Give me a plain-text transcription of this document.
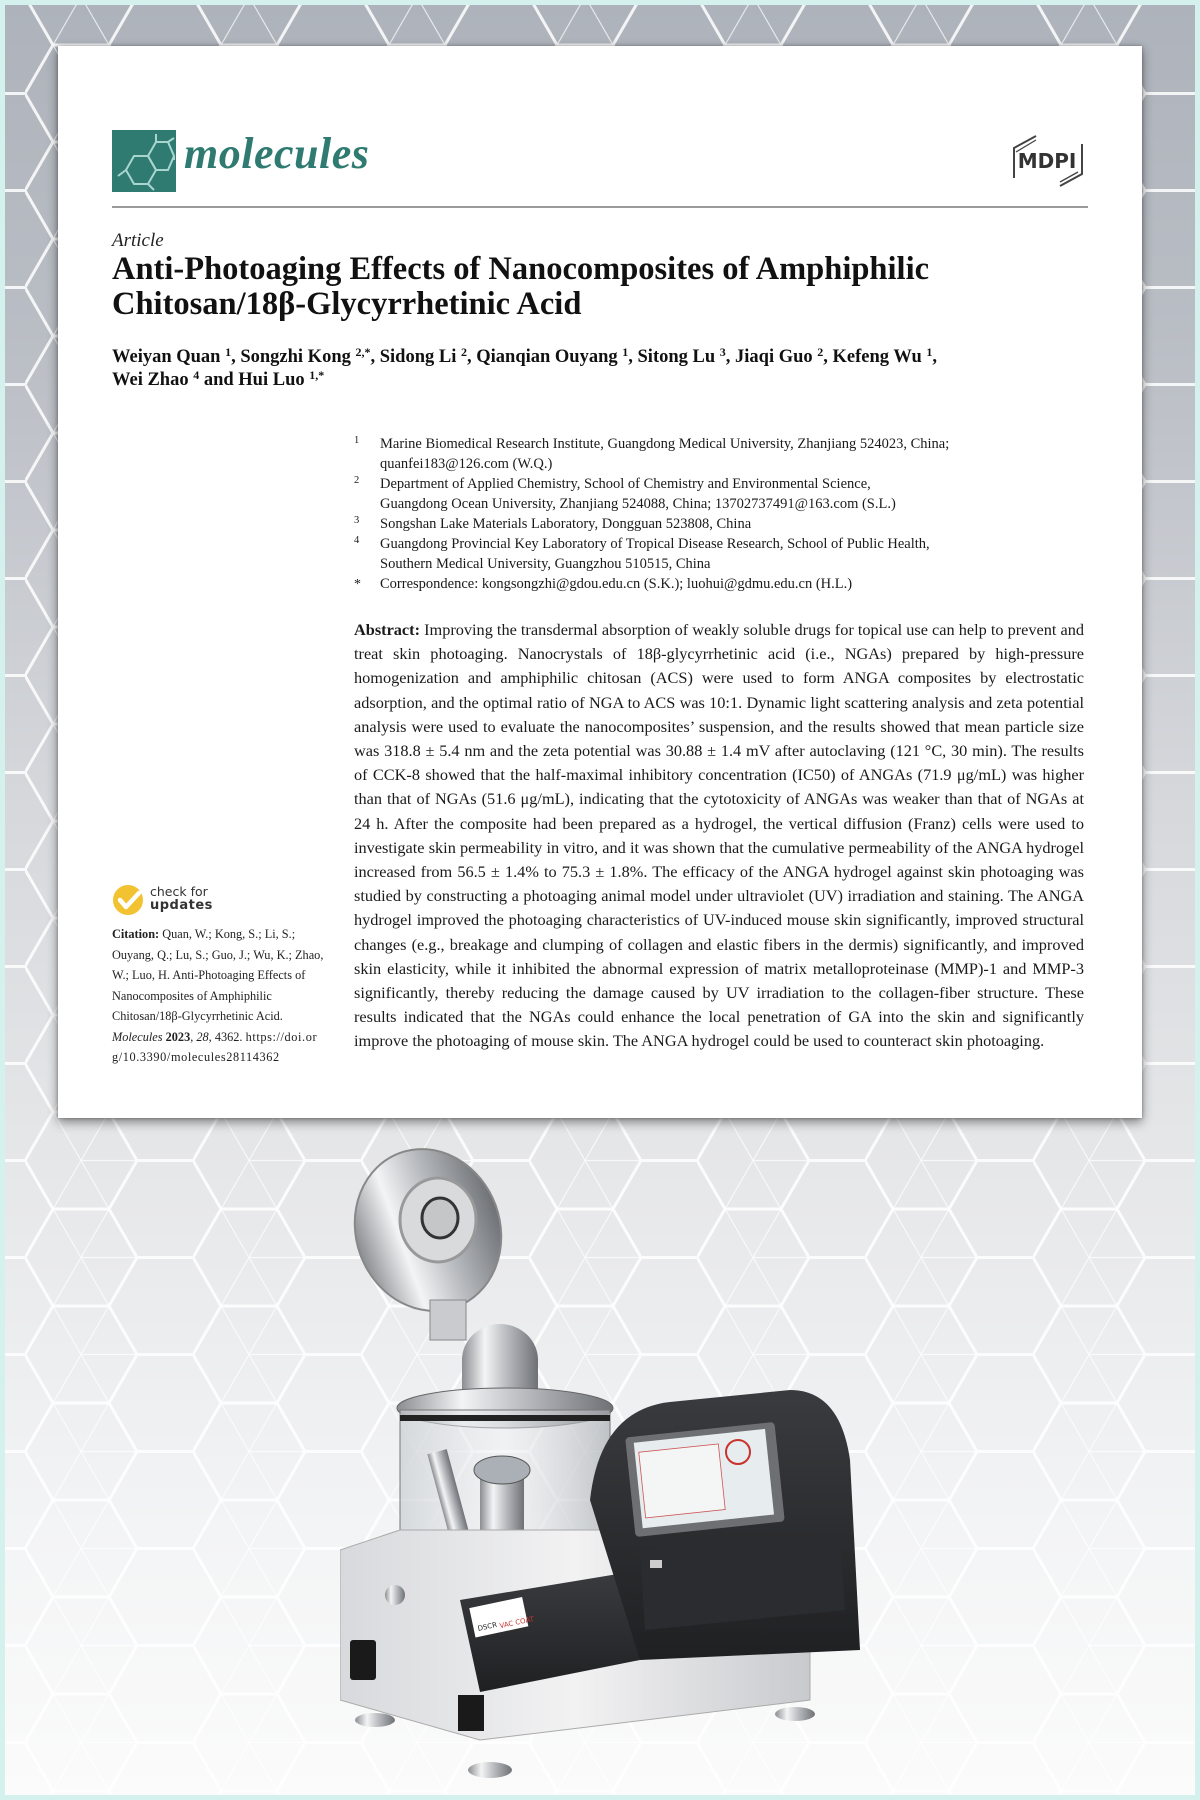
molecules	MDPI
Article
Anti-Photoaging Effects of Nanocomposites of Amphiphilic
Chitosan/18β-Glycyrrhetinic Acid
Weiyan Quan $^1$, Songzhi Kong $^{2,*}$, Sidong Li $^2$, Qianqian Ouyang $^1$, Sitong Lu $^3$, Jiaqi Guo $^2$, Kefeng Wu $^1$,
Wei Zhao $^4$ and Hui Luo $^{1,*}$
1 Marine Biomedical Research Institute, Guangdong Medical University, Zhanjiang 524023, China;
quanfei183@126.com (W.Q.)
2 Department of Applied Chemistry, School of Chemistry and Environmental Science,
Guangdong Ocean University, Zhanjiang 524088, China; 13702737491@163.com (S.L.)
3 Songshan Lake Materials Laboratory, Dongguan 523808, China
4 Guangdong Provincial Key Laboratory of Tropical Disease Research, School of Public Health,
Southern Medical University, Guangzhou 510515, China
* Correspondence: kongsongzhi@gdou.edu.cn (S.K.); luohui@gdmu.edu.cn (H.L.)
Abstract: Improving the transdermal absorption of weakly soluble drugs for topical use can help to prevent and treat skin photoaging. Nanocrystals of 18β-glycyrrhetinic acid (i.e., NGAs) prepared by high-pressure homogenization and amphiphilic chitosan (ACS) were used to form ANGA composites by electrostatic adsorption, and the optimal ratio of NGA to ACS was 10:1. Dynamic light scattering analysis and zeta potential analysis were used to evaluate the nanocomposites’ suspension, and the results showed that mean particle size was 318.8 ± 5.4 nm and the zeta potential was 30.88 ± 1.4 mV after autoclaving (121 °C, 30 min). The results of CCK-8 showed that the half-maximal inhibitory concentration (IC50) of ANGAs (71.9 μg/mL) was higher than that of NGAs (51.6 μg/mL), indicating that the cytotoxicity of ANGAs was weaker than that of NGAs at 24 h. After the composite had been prepared as a hydrogel, the vertical diffusion (Franz) cells were used to investigate skin permeability in vitro, and it was shown that the cumulative permeability of the ANGA hydrogel increased from 56.5 ± 1.4% to 75.3 ± 1.8%. The efficacy of the ANGA hydrogel against skin photoaging was studied by constructing a photoaging animal model under ultraviolet (UV) irradiation and staining. The ANGA hydrogel improved the photoaging characteristics of UV-induced mouse skin significantly, improved structural changes (e.g., breakage and clumping of collagen and elastic fibers in the dermis) significantly, and improved skin elasticity, while it inhibited the abnormal expression of matrix metalloproteinase (MMP)-1 and MMP-3 significantly, thereby reducing the damage caused by UV irradiation to the collagen-fiber structure. These results indicated that the NGAs could enhance the local penetration of GA into the skin and significantly improve the photoaging of mouse skin. The ANGA hydrogel could be used to counteract skin photoaging.
check for
updates
Citation: Quan, W.; Kong, S.; Li, S.; Ouyang, Q.; Lu, S.; Guo, J.; Wu, K.; Zhao, W.; Luo, H. Anti-Photoaging Effects of Nanocomposites of Amphiphilic Chitosan/18β-Glycyrrhetinic Acid. Molecules 2023, 28, 4362. https://doi.org/10.3390/molecules28114362
DSCR VAC COAT
